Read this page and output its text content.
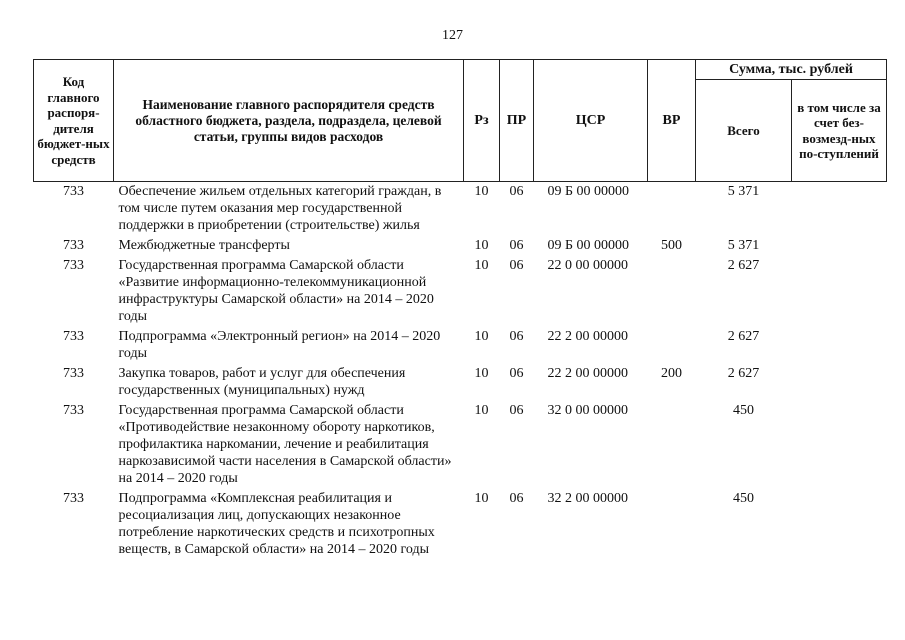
127
Код главного распоря-дителя бюджет-ных средств	Наименование главного распорядителя средств областного бюджета, раздела, подраздела, целевой статьи, группы видов расходов	Рз	ПР	ЦСР	ВР	Сумма, тыс. рублей	
						Всего	в том числе за счет без-возмезд-ных по-ступлений
733	Обеспечение жильем отдельных категорий граждан, в том числе путем оказания мер государственной поддержки в приобретении (строительстве) жилья	10	06	09 Б 00 00000		5 371	
733	Межбюджетные трансферты	10	06	09 Б 00 00000	500	5 371	
733	Государственная программа Самарской области «Развитие информационно-телекоммуникационной инфраструктуры Самарской области» на 2014 – 2020 годы	10	06	22 0 00 00000		2 627	
733	Подпрограмма «Электронный регион» на 2014 – 2020 годы	10	06	22 2 00 00000		2 627	
733	Закупка товаров, работ и услуг для обеспечения государственных (муниципальных) нужд	10	06	22 2 00 00000	200	2 627	
733	Государственная программа Самарской области «Противодействие незаконному обороту наркотиков, профилактика наркомании, лечение и реабилитация наркозависимой части населения в Самарской области» на 2014 – 2020 годы	10	06	32 0 00 00000		450	
733	Подпрограмма «Комплексная реабилитация и ресоциализация лиц, допускающих незаконное потребление наркотических средств и психотропных веществ, в Самарской области» на 2014 – 2020 годы	10	06	32 2 00 00000		450	
